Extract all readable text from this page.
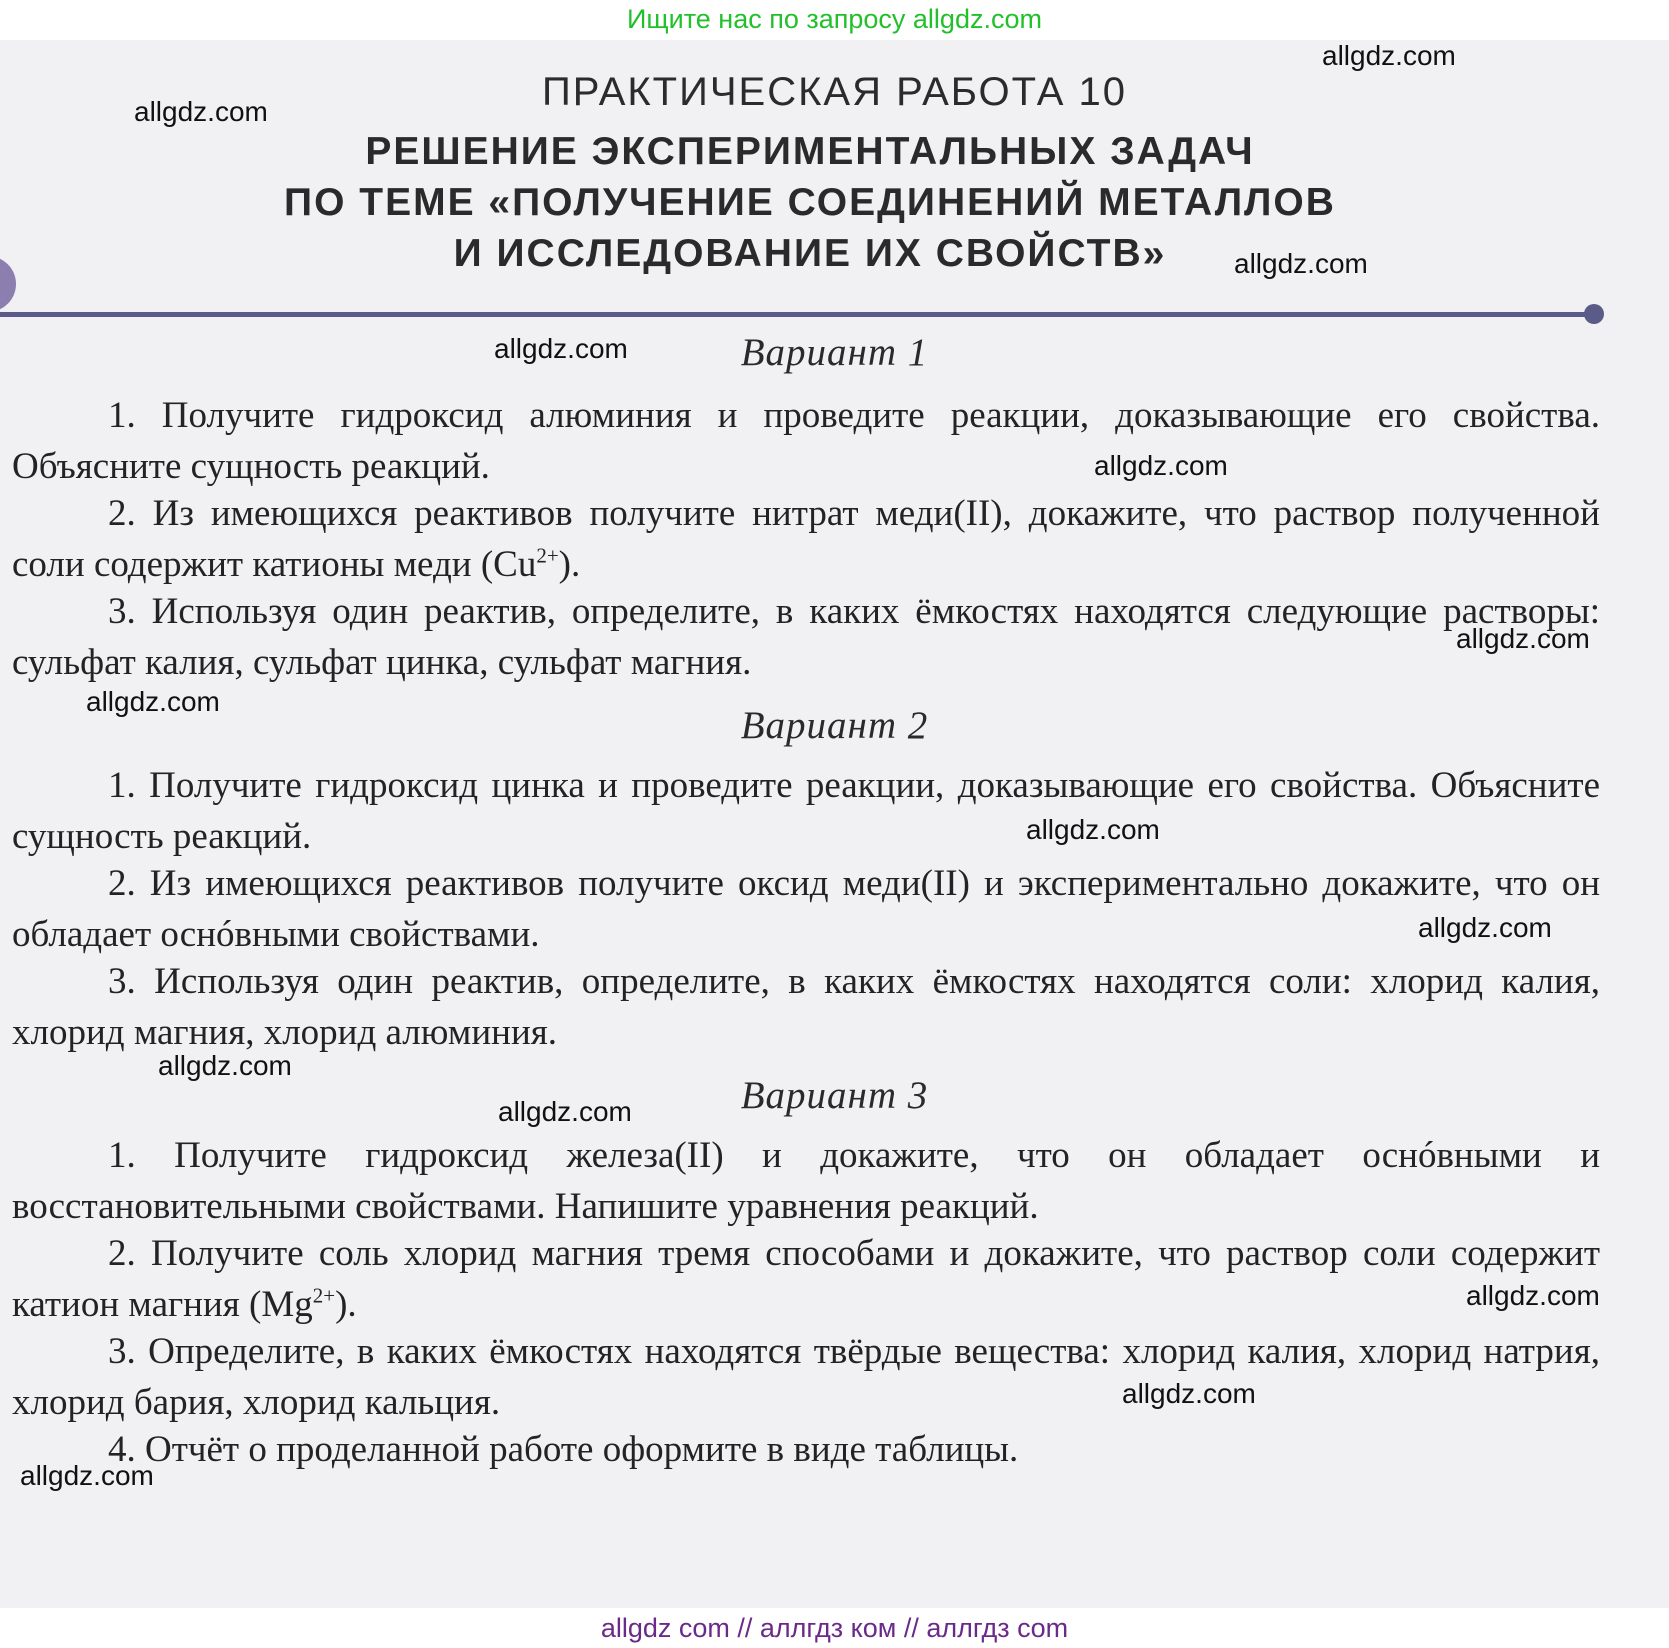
Ищите нас по запросу allgdz.com
ПРАКТИЧЕСКАЯ РАБОТА 10
РЕШЕНИЕ ЭКСПЕРИМЕНТАЛЬНЫХ ЗАДАЧ
ПО ТЕМЕ «ПОЛУЧЕНИЕ СОЕДИНЕНИЙ МЕТАЛЛОВ
И ИССЛЕДОВАНИЕ ИХ СВОЙСТВ»
Вариант 1

1. Получите гидроксид алюминия и проведите реакции, доказывающие его свойства. Объясните сущность реакций.

2. Из имеющихся реактивов получите нитрат меди(II), докажите, что раствор полученной соли содержит катионы меди $(Cu^{2+})$.

3. Используя один реактив, определите, в каких ёмкостях находятся следующие растворы: сульфат калия, сульфат цинка, сульфат магния.

Вариант 2

1. Получите гидроксид цинка и проведите реакции, доказывающие его свойства. Объясните сущность реакций.

2. Из имеющихся реактивов получите оксид меди(II) и экспериментально докажите, что он обладает оснóвными свойствами.

3. Используя один реактив, определите, в каких ёмкостях находятся соли: хлорид калия, хлорид магния, хлорид алюминия.

Вариант 3

1. Получите гидроксид железа(II) и докажите, что он обладает оснóвными и восстановительными свойствами. Напишите уравнения реакций.

2. Получите соль хлорид магния тремя способами и докажите, что раствор соли содержит катион магния $(Mg^{2+})$.

3. Определите, в каких ёмкостях находятся твёрдые вещества: хлорид калия, хлорид натрия, хлорид бария, хлорид кальция.

4. Отчёт о проделанной работе оформите в виде таблицы.

allgdz.com
allgdz.com
allgdz.com
allgdz.com
allgdz.com
allgdz.com
allgdz.com
allgdz.com
allgdz.com
allgdz.com
allgdz.com
allgdz.com
allgdz.com
allgdz.com
allgdz com // аллгдз ком // аллгдз com
